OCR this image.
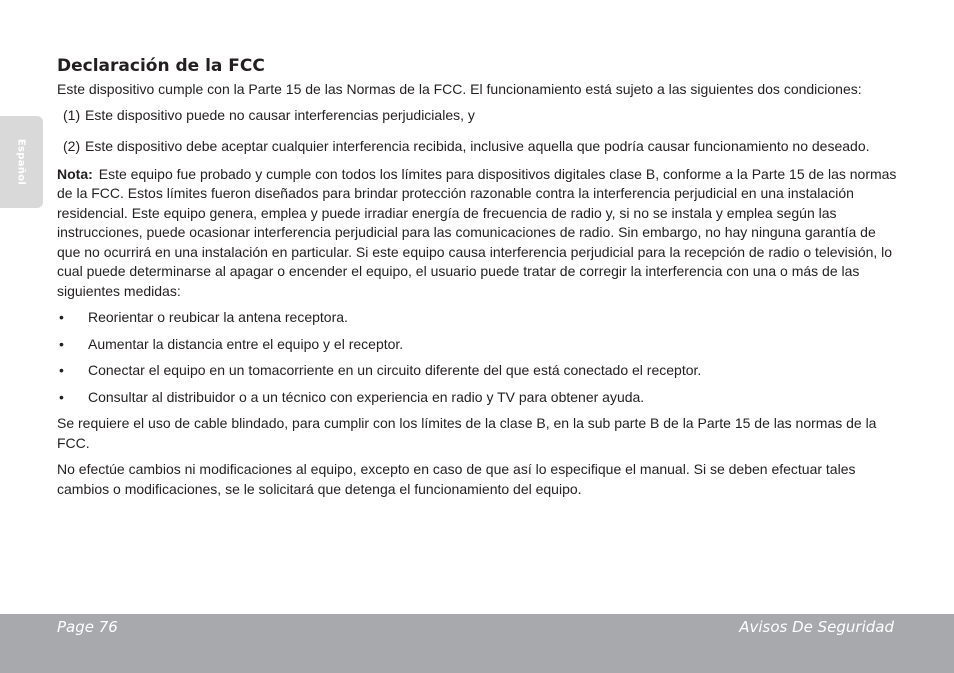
Español
Declaración de la FCC

Este dispositivo cumple con la Parte 15 de las Normas de la FCC. El funcionamiento está sujeto a las siguientes dos condiciones:

(1) Este dispositivo puede no causar interferencias perjudiciales, y
(2) Este dispositivo debe aceptar cualquier interferencia recibida, inclusive aquella que podría causar funcionamiento no deseado.

Nota: Este equipo fue probado y cumple con todos los límites para dispositivos digitales clase B, conforme a la Parte 15 de las normas de la FCC. Estos límites fueron diseñados para brindar protección razonable contra la interferencia perjudicial en una instalación residencial. Este equipo genera, emplea y puede irradiar energía de frecuencia de radio y, si no se instala y emplea según las instrucciones, puede ocasionar interferencia perjudicial para las comunicaciones de radio. Sin embargo, no hay ninguna garantía de que no ocurrirá en una instalación en particular. Si este equipo causa interferencia perjudicial para la recepción de radio o televisión, lo cual puede determinarse al apagar o encender el equipo, el usuario puede tratar de corregir la interferencia con una o más de las siguientes medidas:

•	Reorientar o reubicar la antena receptora.
•	Aumentar la distancia entre el equipo y el receptor.
•	Conectar el equipo en un tomacorriente en un circuito diferente del que está conectado el receptor.
•	Consultar al distribuidor o a un técnico con experiencia en radio y TV para obtener ayuda.

Se requiere el uso de cable blindado, para cumplir con los límites de la clase B, en la sub parte B de la Parte 15 de las normas de la FCC.

No efectúe cambios ni modificaciones al equipo, excepto en caso de que así lo especifique el manual. Si se deben efectuar tales cambios o modificaciones, se le solicitará que detenga el funcionamiento del equipo.

Page 76	Avisos De Seguridad
